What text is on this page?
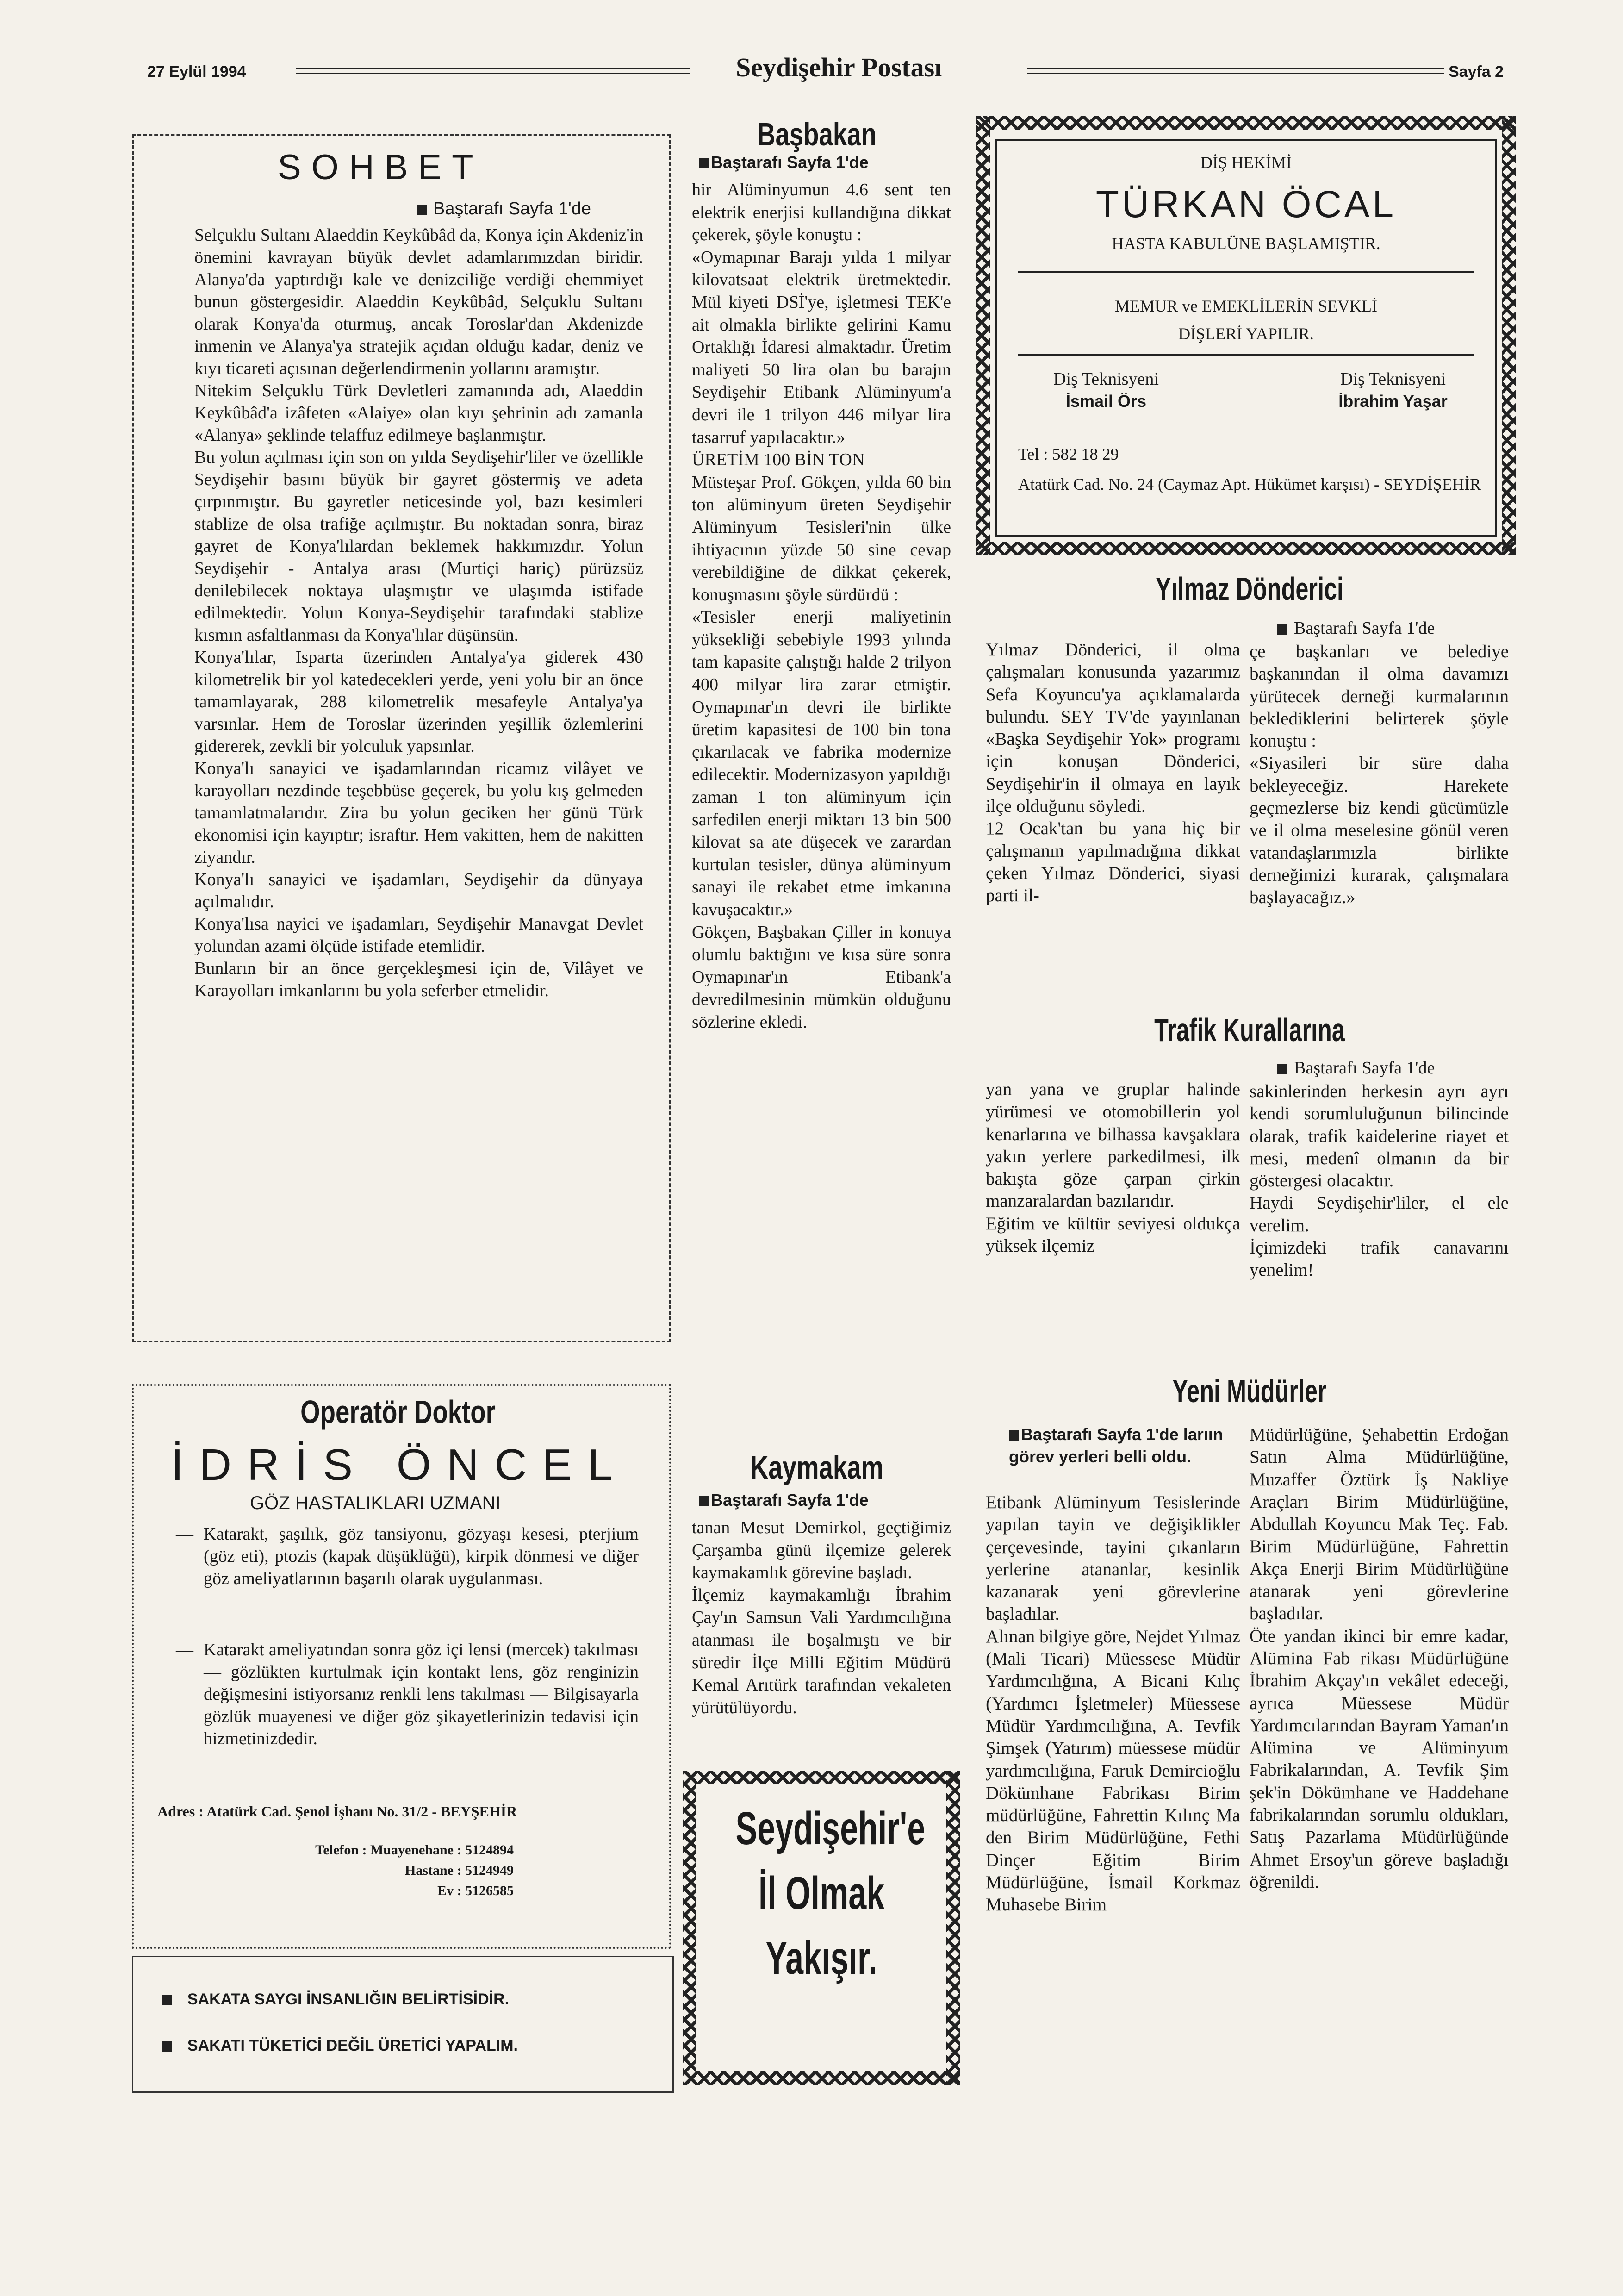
27 Eylül 1994	Seydişehir Postası	Sayfa 2
SOHBET
Baştarafı Sayfa 1'de
Selçuklu Sultanı Alaeddin Keykûbâd da, Konya için Akdeniz'in önemini kavrayan büyük devlet adamlarımızdan biridir. Alanya'da yaptırdığı kale ve denizciliğe verdiği ehemmiyet bunun göstergesidir. Alaeddin Keykûbâd, Selçuklu Sultanı olarak Konya'da oturmuş, ancak Toroslar'dan Akdenizde inmenin ve Alanya'ya stratejik açıdan olduğu kadar, deniz ve kıyı ticareti açısınan değerlendirmenin yollarını aramıştır.
Nitekim Selçuklu Türk Devletleri zamanında adı, Alaeddin Keykûbâd'a izâfeten «Alaiye» olan kıyı şehrinin adı zamanla «Alanya» şeklinde telaffuz edilmeye başlanmıştır.
Bu yolun açılması için son on yılda Seydişehir'liler ve özellikle Seydişehir basını büyük bir gayret göstermiş ve adeta çırpınmıştır. Bu gayretler neticesinde yol, bazı kesimleri stablize de olsa trafiğe açılmıştır. Bu noktadan sonra, biraz gayret de Konya'lılardan beklemek hakkımızdır. Yolun Seydişehir - Antalya arası (Murtiçi hariç) pürüzsüz denilebilecek noktaya ulaşmıştır ve ulaşımda istifade edilmektedir. Yolun Konya-Seydişehir tarafındaki stablize kısmın asfaltlanması da Konya'lılar düşünsün.
Konya'lılar, Isparta üzerinden Antalya'ya giderek 430 kilometrelik bir yol katedecekleri yerde, yeni yolu bir an önce tamamlayarak, 288 kilometrelik mesafeyle Antalya'ya varsınlar. Hem de Toroslar üzerinden yeşillik özlemlerini gidererek, zevkli bir yolculuk yapsınlar.
Konya'lı sanayici ve işadamlarından ricamız vilâyet ve karayolları nezdinde teşebbüse geçerek, bu yolu kış gelmeden tamamlatmalarıdır. Zira bu yolun geciken her günü Türk ekonomisi için kayıptır; israftır. Hem vakitten, hem de nakitten ziyandır.
Konya'lı sanayici ve işadamları, Seydişehir da dünyaya açılmalıdır.
Konya'lısa nayici ve işadamları, Seydişehir Manavgat Devlet yolundan azami ölçüde istifade etemlidir.
Bunların bir an önce gerçekleşmesi için de, Vilâyet ve Karayolları imkanlarını bu yola seferber etmelidir.
Operatör Doktor
İDRİS ÖNCEL
GÖZ HASTALIKLARI UZMANI
— Katarakt, şaşılık, göz tansiyonu, gözyaşı kesesi, pterjium (göz eti), ptozis (kapak düşüklüğü), kirpik dönmesi ve diğer göz ameliyatlarının başarılı olarak uygulanması.
— Katarakt ameliyatından sonra göz içi lensi (mercek) takılması — gözlükten kurtulmak için kontakt lens, göz renginizin değişmesini istiyorsanız renkli lens takılması — Bilgisayarla gözlük muayenesi ve diğer göz şikayetlerinizin tedavisi için hizmetinizdedir.
Adres : Atatürk Cad. Şenol İşhanı No. 31/2 - BEYŞEHİR
Telefon : Muayenehane : 5124894
Hastane : 5124949
Ev : 5126585
SAKATA SAYGI İNSANLIĞIN BELİRTİSİDİR.
SAKATI TÜKETİCİ DEĞİL ÜRETİCİ YAPALIM.
Başbakan
Baştarafı Sayfa 1'de
hir Alüminyumun 4.6 sent ten elektrik enerjisi kullandığına dikkat çekerek, şöyle konuştu :
«Oymapınar Barajı yılda 1 milyar kilovatsaat elektrik üretmektedir. Mül kiyeti DSİ'ye, işletmesi TEK'e ait olmakla birlikte gelirini Kamu Ortaklığı İdaresi almaktadır. Üretim maliyeti 50 lira olan bu barajın Seydişehir Etibank Alüminyum'a devri ile 1 trilyon 446 milyar lira tasarruf yapılacaktır.»
ÜRETİM 100 BİN TON
Müsteşar Prof. Gökçen, yılda 60 bin ton alüminyum üreten Seydişehir Alüminyum Tesisleri'nin ülke ihtiyacının yüzde 50 sine cevap verebildiğine de dikkat çekerek, konuşmasını şöyle sürdürdü :
«Tesisler enerji maliyetinin yüksekliği sebebiyle 1993 yılında tam kapasite çalıştığı halde 2 trilyon 400 milyar lira zarar etmiştir. Oymapınar'ın devri ile birlikte üretim kapasitesi de 100 bin tona çıkarılacak ve fabrika modernize edilecektir. Modernizasyon yapıldığı zaman 1 ton alüminyum için sarfedilen enerji miktarı 13 bin 500 kilovat sa ate düşecek ve zarardan kurtulan tesisler, dünya alüminyum sanayi ile rekabet etme imkanına kavuşacaktır.»
Gökçen, Başbakan Çiller in konuya olumlu baktığını ve kısa süre sonra Oymapınar'ın Etibank'a devredilmesinin mümkün olduğunu sözlerine ekledi.
Kaymakam
Baştarafı Sayfa 1'de
tanan Mesut Demirkol, geçtiğimiz Çarşamba günü ilçemize gelerek kaymakamlık görevine başladı.
İlçemiz kaymakamlığı İbrahim Çay'ın Samsun Vali Yardımcılığına atanması ile boşalmıştı ve bir süredir İlçe Milli Eğitim Müdürü Kemal Arıtürk tarafından vekaleten yürütülüyordu.
Seydişehir'e
İl Olmak
Yakışır.
DİŞ HEKİMİ
TÜRKAN ÖCAL
HASTA KABULÜNE BAŞLAMIŞTIR.
MEMUR ve EMEKLİLERİN SEVKLİ
DİŞLERİ YAPILIR.
Diş Teknisyeni
İsmail Örs
Diş Teknisyeni
İbrahim Yaşar
Tel : 582 18 29
Atatürk Cad. No. 24 (Caymaz Apt. Hükümet karşısı) - SEYDİŞEHİR
Yılmaz Dönderici
Yılmaz Dönderici, il olma çalışmaları konusunda yazarımız Sefa Koyuncu'ya açıklamalarda bulundu. SEY TV'de yayınlanan «Başka Seydişehir Yok» programı için konuşan Dönderici, Seydişehir'in il olmaya en layık ilçe olduğunu söyledi.
12 Ocak'tan bu yana hiç bir çalışmanın yapılmadığına dikkat çeken Yılmaz Dönderici, siyasi parti il-
Baştarafı Sayfa 1'de
çe başkanları ve belediye başkanından il olma davamızı yürütecek derneği kurmalarının beklediklerini belirterek şöyle konuştu :
«Siyasileri bir süre daha bekleyeceğiz. Harekete geçmezlerse biz kendi gücümüzle ve il olma meselesine gönül veren vatandaşlarımızla birlikte derneğimizi kurarak, çalışmalara başlayacağız.»
Trafik Kurallarına
yan yana ve gruplar halinde yürümesi ve otomobillerin yol kenarlarına ve bilhassa kavşaklara yakın yerlere parkedilmesi, ilk bakışta göze çarpan çirkin manzaralardan bazılarıdır.
Eğitim ve kültür seviyesi oldukça yüksek ilçemiz
Baştarafı Sayfa 1'de
sakinlerinden herkesin ayrı ayrı kendi sorumluluğunun bilincinde olarak, trafik kaidelerine riayet et mesi, medenî olmanın da bir göstergesi olacaktır.
Haydi Seydişehir'liler, el ele verelim.
İçimizdeki trafik canavarını yenelim!
Yeni Müdürler
Baştarafı Sayfa 1'de larıın görev yerleri belli oldu.
Etibank Alüminyum Tesislerinde yapılan tayin ve değişiklikler çerçevesinde, tayini çıkanların yerlerine atananlar, kesinlik kazanarak yeni görevlerine başladılar.
Alınan bilgiye göre, Nejdet Yılmaz (Mali Ticari) Müessese Müdür Yardımcılığına, A Bicani Kılıç (Yardımcı İşletmeler) Müessese Müdür Yardımcılığına, A. Tevfik Şimşek (Yatırım) müessese müdür yardımcılığına, Faruk Demircioğlu Dökümhane Fabrikası Birim müdürlüğüne, Fahrettin Kılınç Ma den Birim Müdürlüğüne, Fethi Dinçer Eğitim Birim Müdürlüğüne, İsmail Korkmaz Muhasebe Birim
Müdürlüğüne, Şehabettin Erdoğan Satın Alma Müdürlüğüne, Muzaffer Öztürk İş Nakliye Araçları Birim Müdürlüğüne, Abdullah Koyuncu Mak Teç. Fab. Birim Müdürlüğüne, Fahrettin Akça Enerji Birim Müdürlüğüne atanarak yeni görevlerine başladılar.
Öte yandan ikinci bir emre kadar, Alümina Fab rikası Müdürlüğüne İbrahim Akçay'ın vekâlet edeceği, ayrıca Müessese Müdür Yardımcılarından Bayram Yaman'ın Alüminа ve Alüminyum Fabrikalarından, A. Tevfik Şim şek'in Dökümhane ve Haddehane fabrikalarından sorumlu oldukları, Satış Pazarlama Müdürlüğünde Ahmet Ersoy'un göreve başladığı öğrenildi.
